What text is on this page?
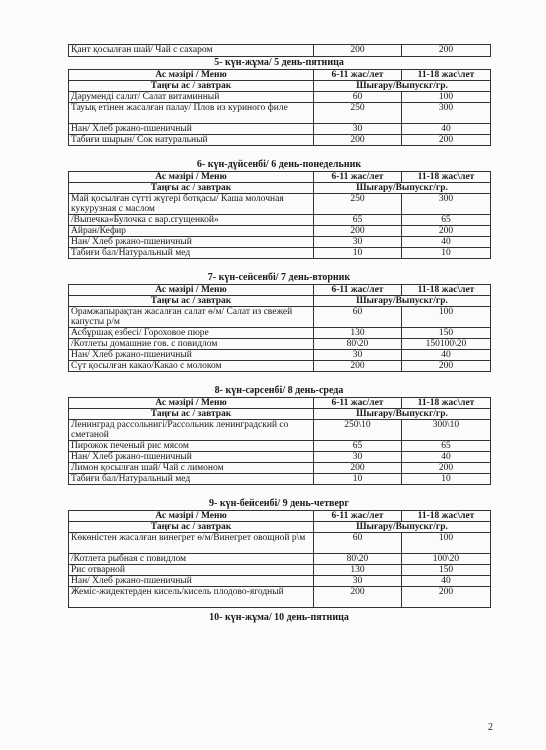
Қант қосылған шай/ Чай с сахаром	200	200
5- күн-жұма/ 5 день-пятница
Ас мәзірі / Меню	6-11 жас/лет	11-18 жас\лет
Таңғы ас / завтрак	Шығару/Выпускг/гр.	
Дәрумендi салат/ Салат витаминный	60	100
Тауық етінен жасалған палау/ Плов из куриного филе	250	300
Нан/ Хлеб ржано-пшеничный	30	40
Табиғи шырын/ Сок натуральный	200	200
6- күн-дүйсенбі/ 6 день-понедельник
Ас мәзірі / Меню	6-11 жас/лет	11-18 жас\лет
Таңғы ас / завтрак	Шығару/Выпускг/гр.	
Май қосылған сүттi жүгерi ботқасы/ Каша молочная кукурузная с маслом	250	300
/Выпечка«Булочка с вар.сгущенкой»	65	65
Айран/Кефир	200	200
Нан/ Хлеб ржано-пшеничный	30	40
Табиғи бал/Натуральный мед	10	10
7- күн-сейсенбі/ 7 день-вторник
Ас мәзірі / Меню	6-11 жас/лет	11-18 жас\лет
Таңғы ас / завтрак	Шығару/Выпускг/гр.	
Орамжапырақтан жасалған салат ө/м/ Салат из свежей капусты р/м	60	100
Асбұршақ езбесі/ Гороховое пюре	130	150
/Котлеты домашние гов. с повидлом	80\20	150100\20
Нан/ Хлеб ржано-пшеничный	30	40
Сүт қосылған какао/Какао с молоком	200	200
8- күн-сәрсенбі/ 8 день-среда
Ас мәзірі / Меню	6-11 жас/лет	11-18 жас\лет
Таңғы ас / завтрак	Шығару/Выпускг/гр.	
Ленинград рассольнигі/Рассольник ленинградский со сметаной	250\10	300\10
Пирожок печеный рис мясом	65	65
Нан/ Хлеб ржано-пшеничный	30	40
Лимон қосылған шай/ Чай с лимоном	200	200
Табиғи бал/Натуральный мед	10	10
9- күн-бейсенбі/ 9 день-четверг
Ас мәзірі / Меню	6-11 жас/лет	11-18 жас\лет
Таңғы ас / завтрак	Шығару/Выпускг/гр.	
Көкөністен жасалған винегрет ө/м/Винегрет овощной р\м	60	100
/Котлета рыбная с повидлом	80\20	100\20
Рис отварной	130	150
Нан/ Хлеб ржано-пшеничный	30	40
Жеміс-жидектерден кисель/кисель плодово-ягодный	200	200
10- күн-жұма/ 10 день-пятница
2
